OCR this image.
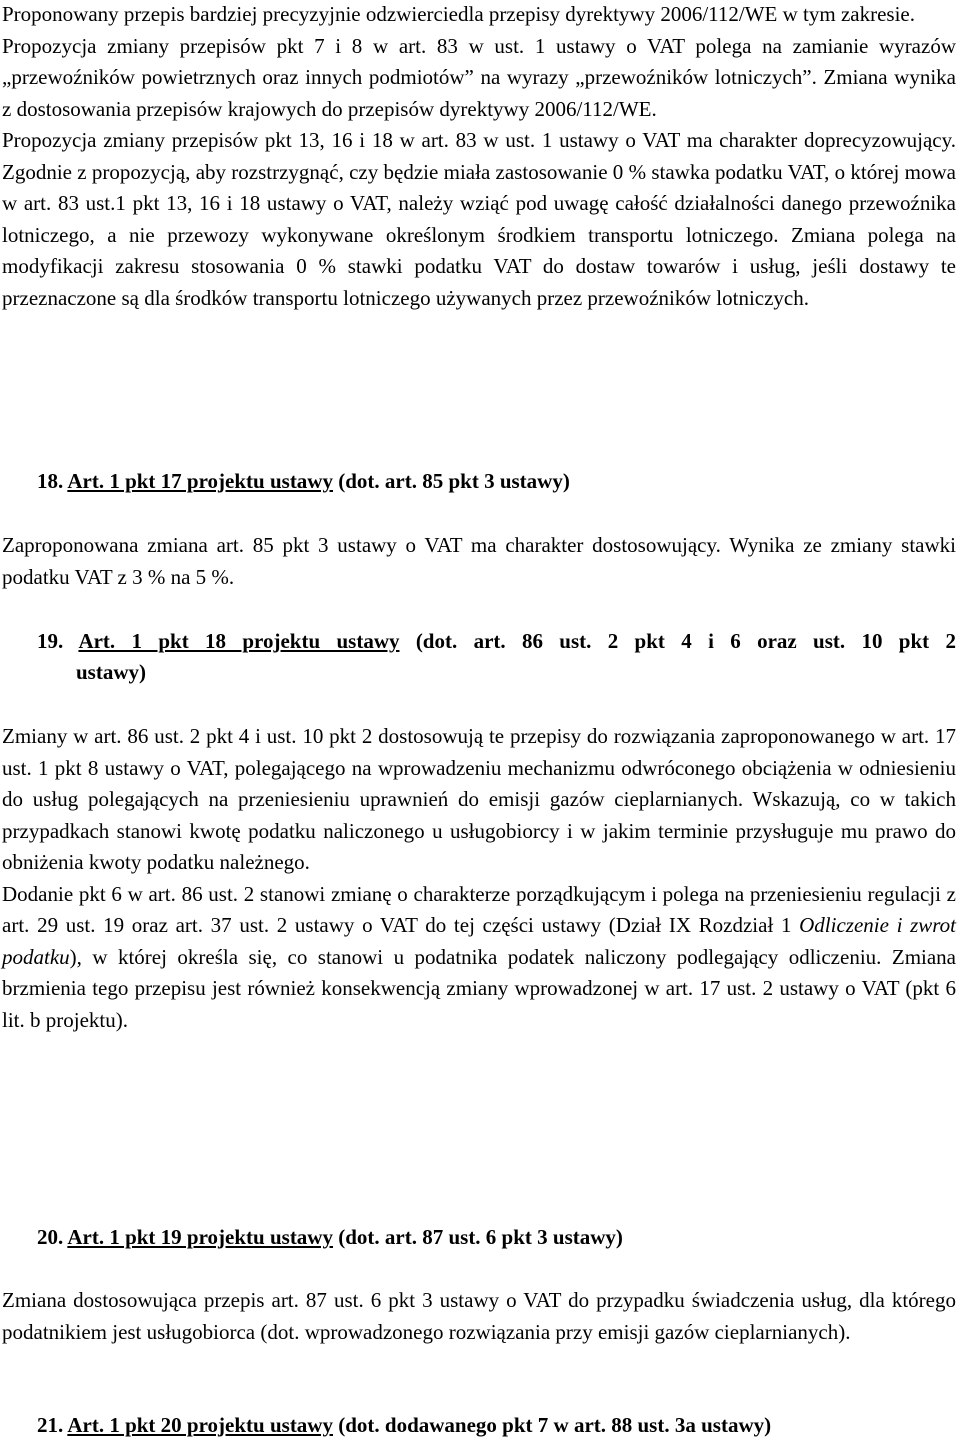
Proponowany przepis bardziej precyzyjnie odzwierciedla przepisy dyrektywy 2006/112/WE w tym zakresie.

Propozycja zmiany przepisów pkt 7 i 8 w art. 83 w ust. 1 ustawy o VAT polega na zamianie wyrazów „przewoźników powietrznych oraz innych podmiotów” na wyrazy „przewoźników lotniczych”. Zmiana wynika z dostosowania przepisów krajowych do przepisów dyrektywy 2006/112/WE.

Propozycja zmiany przepisów pkt 13, 16 i 18 w art. 83 w ust. 1 ustawy o VAT ma charakter doprecyzowujący. Zgodnie z propozycją, aby rozstrzygnąć, czy będzie miała zastosowanie 0 % stawka podatku VAT, o której mowa w art. 83 ust.1 pkt 13, 16 i 18 ustawy o VAT, należy wziąć pod uwagę całość działalności danego przewoźnika lotniczego, a nie przewozy wykonywane określonym środkiem transportu lotniczego. Zmiana polega na modyfikacji zakresu stosowania 0 % stawki podatku VAT do dostaw towarów i usług, jeśli dostawy te przeznaczone są dla środków transportu lotniczego używanych przez przewoźników lotniczych.

18. Art. 1 pkt 17 projektu ustawy (dot. art. 85 pkt 3 ustawy)

Zaproponowana zmiana art. 85 pkt 3 ustawy o VAT ma charakter dostosowujący. Wynika ze zmiany stawki podatku VAT z 3 % na 5 %.

19. Art. 1 pkt 18 projektu ustawy (dot. art. 86 ust. 2 pkt 4 i 6 oraz ust. 10 pkt 2
ustawy)

Zmiany w art. 86 ust. 2 pkt 4 i ust. 10 pkt 2 dostosowują te przepisy do rozwiązania zaproponowanego w art. 17 ust. 1 pkt 8 ustawy o VAT, polegającego na wprowadzeniu mechanizmu odwróconego obciążenia w odniesieniu do usług polegających na przeniesieniu uprawnień do emisji gazów cieplarnianych. Wskazują, co w takich przypadkach stanowi kwotę podatku naliczonego u usługobiorcy i w jakim terminie przysługuje mu prawo do obniżenia kwoty podatku należnego.

Dodanie pkt 6 w art. 86 ust. 2 stanowi zmianę o charakterze porządkującym i polega na przeniesieniu regulacji z art. 29 ust. 19 oraz art. 37 ust. 2 ustawy o VAT do tej części ustawy (Dział IX Rozdział 1 Odliczenie i zwrot podatku), w której określa się, co stanowi u podatnika podatek naliczony podlegający odliczeniu. Zmiana brzmienia tego przepisu jest również konsekwencją zmiany wprowadzonej w art. 17 ust. 2 ustawy o VAT (pkt 6 lit. b projektu).

20. Art. 1 pkt 19 projektu ustawy (dot. art. 87 ust. 6 pkt 3 ustawy)

Zmiana dostosowująca przepis art. 87 ust. 6 pkt 3 ustawy o VAT do przypadku świadczenia usług, dla którego podatnikiem jest usługobiorca (dot. wprowadzonego rozwiązania przy emisji gazów cieplarnianych).

21. Art. 1 pkt 20 projektu ustawy (dot. dodawanego pkt 7 w art. 88 ust. 3a ustawy)
